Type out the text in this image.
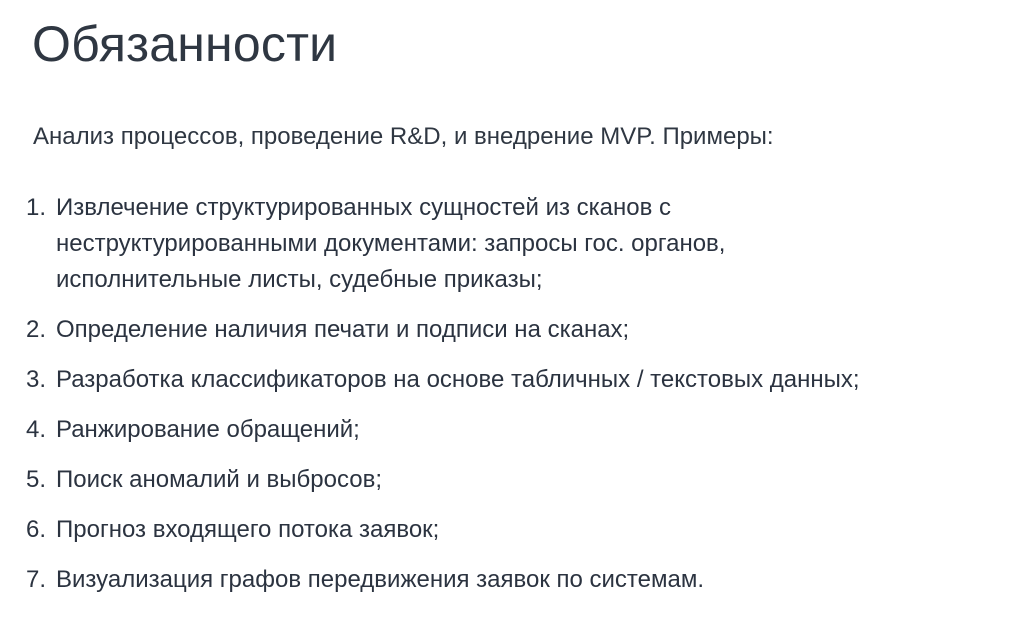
Обязанности

Анализ процессов, проведение R&D, и внедрение MVP. Примеры:

1. Извлечение структурированных сущностей из сканов с
неструктурированными документами: запросы гос. органов,
исполнительные листы, судебные приказы;
2. Определение наличия печати и подписи на сканах;
3. Разработка классификаторов на основе табличных / текстовых данных;
4. Ранжирование обращений;
5. Поиск аномалий и выбросов;
6. Прогноз входящего потока заявок;
7. Визуализация графов передвижения заявок по системам.
